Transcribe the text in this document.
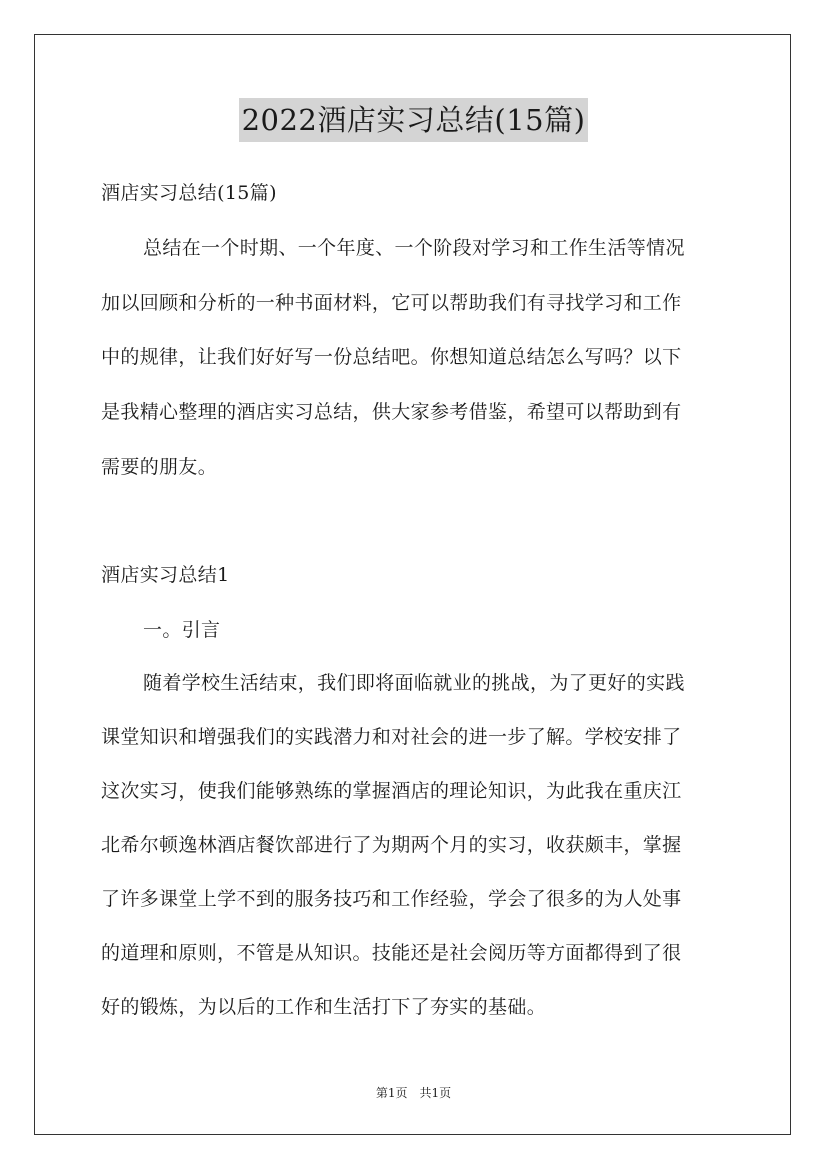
2022酒店实习总结(15篇)
酒店实习总结(15篇)
总结在一个时期、一个年度、一个阶段对学习和工作生活等情况
加以回顾和分析的一种书面材料，它可以帮助我们有寻找学习和工作
中的规律，让我们好好写一份总结吧。你想知道总结怎么写吗？以下
是我精心整理的酒店实习总结，供大家参考借鉴，希望可以帮助到有
需要的朋友。
酒店实习总结1
一。引言
随着学校生活结束，我们即将面临就业的挑战，为了更好的实践
课堂知识和增强我们的实践潜力和对社会的进一步了解。学校安排了
这次实习，使我们能够熟练的掌握酒店的理论知识，为此我在重庆江
北希尔顿逸林酒店餐饮部进行了为期两个月的实习，收获颇丰，掌握
了许多课堂上学不到的服务技巧和工作经验，学会了很多的为人处事
的道理和原则，不管是从知识。技能还是社会阅历等方面都得到了很
好的锻炼，为以后的工作和生活打下了夯实的基础。
第1页　共1页
